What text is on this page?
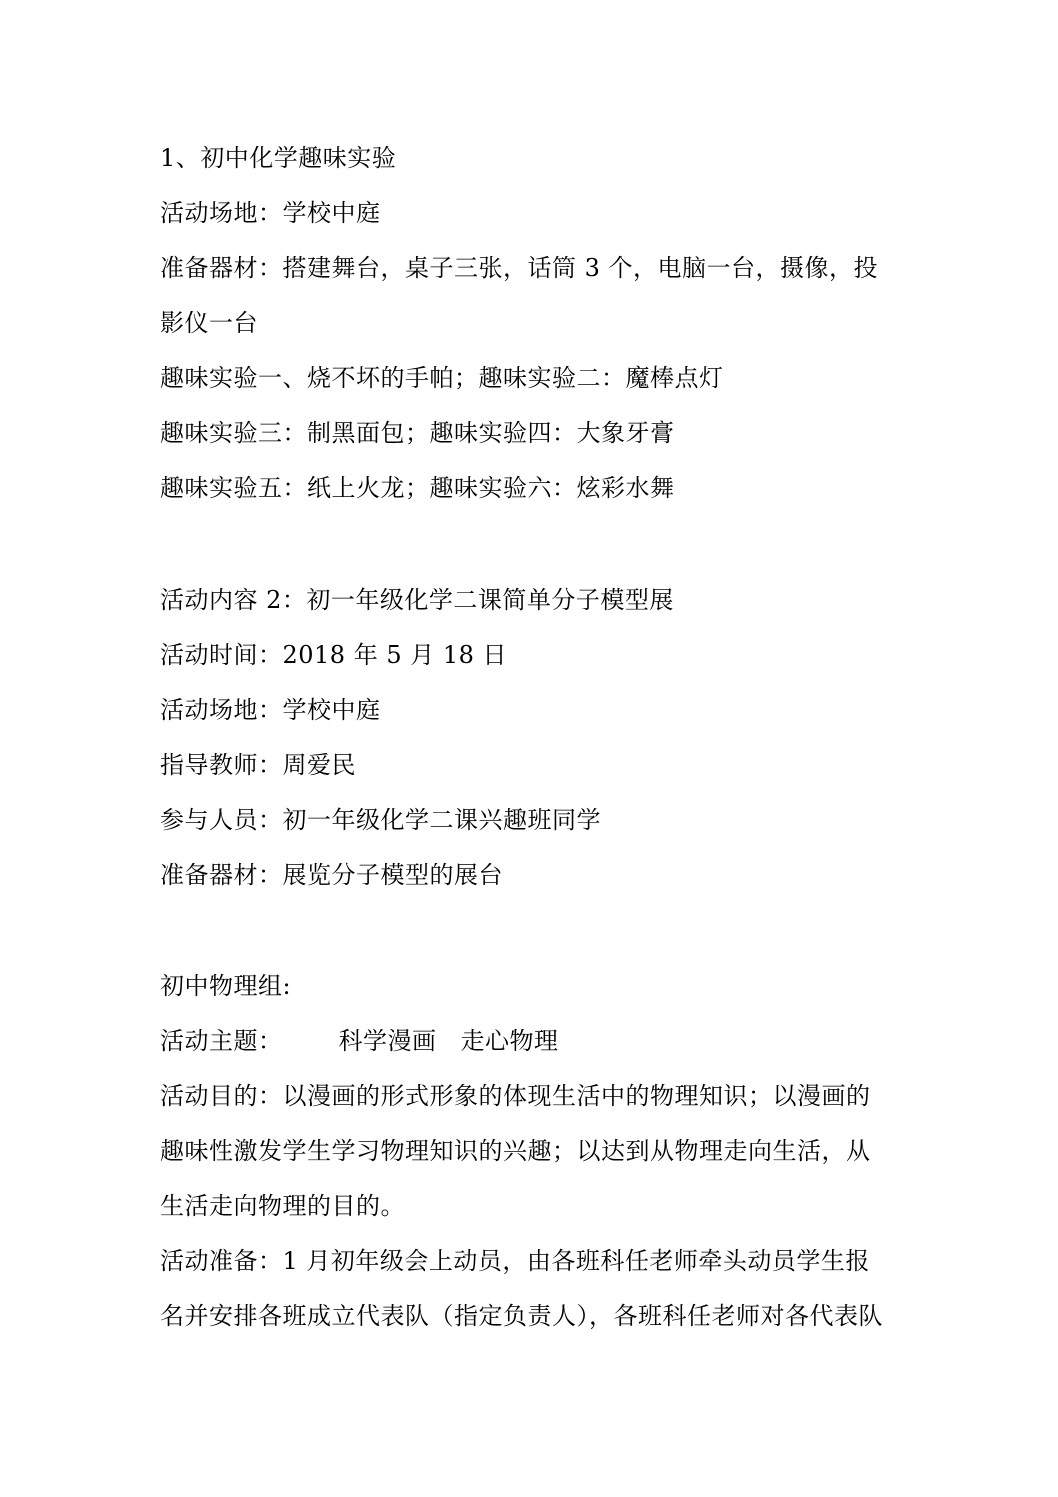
1、初中化学趣味实验
活动场地：学校中庭
准备器材：搭建舞台，桌子三张，话筒 3 个，电脑一台，摄像，投
影仪一台
趣味实验一、烧不坏的手帕；趣味实验二：魔棒点灯
趣味实验三：制黑面包；趣味实验四：大象牙膏
趣味实验五：纸上火龙；趣味实验六：炫彩水舞
活动内容 2：初一年级化学二课简单分子模型展
活动时间：2018 年 5 月 18 日
活动场地：学校中庭
指导教师：周爱民
参与人员：初一年级化学二课兴趣班同学
准备器材：展览分子模型的展台
初中物理组:
活动主题： 科学漫画 走心物理
活动目的：以漫画的形式形象的体现生活中的物理知识；以漫画的
趣味性激发学生学习物理知识的兴趣；以达到从物理走向生活，从
生活走向物理的目的。
活动准备：1 月初年级会上动员，由各班科任老师牵头动员学生报
名并安排各班成立代表队（指定负责人），各班科任老师对各代表队
